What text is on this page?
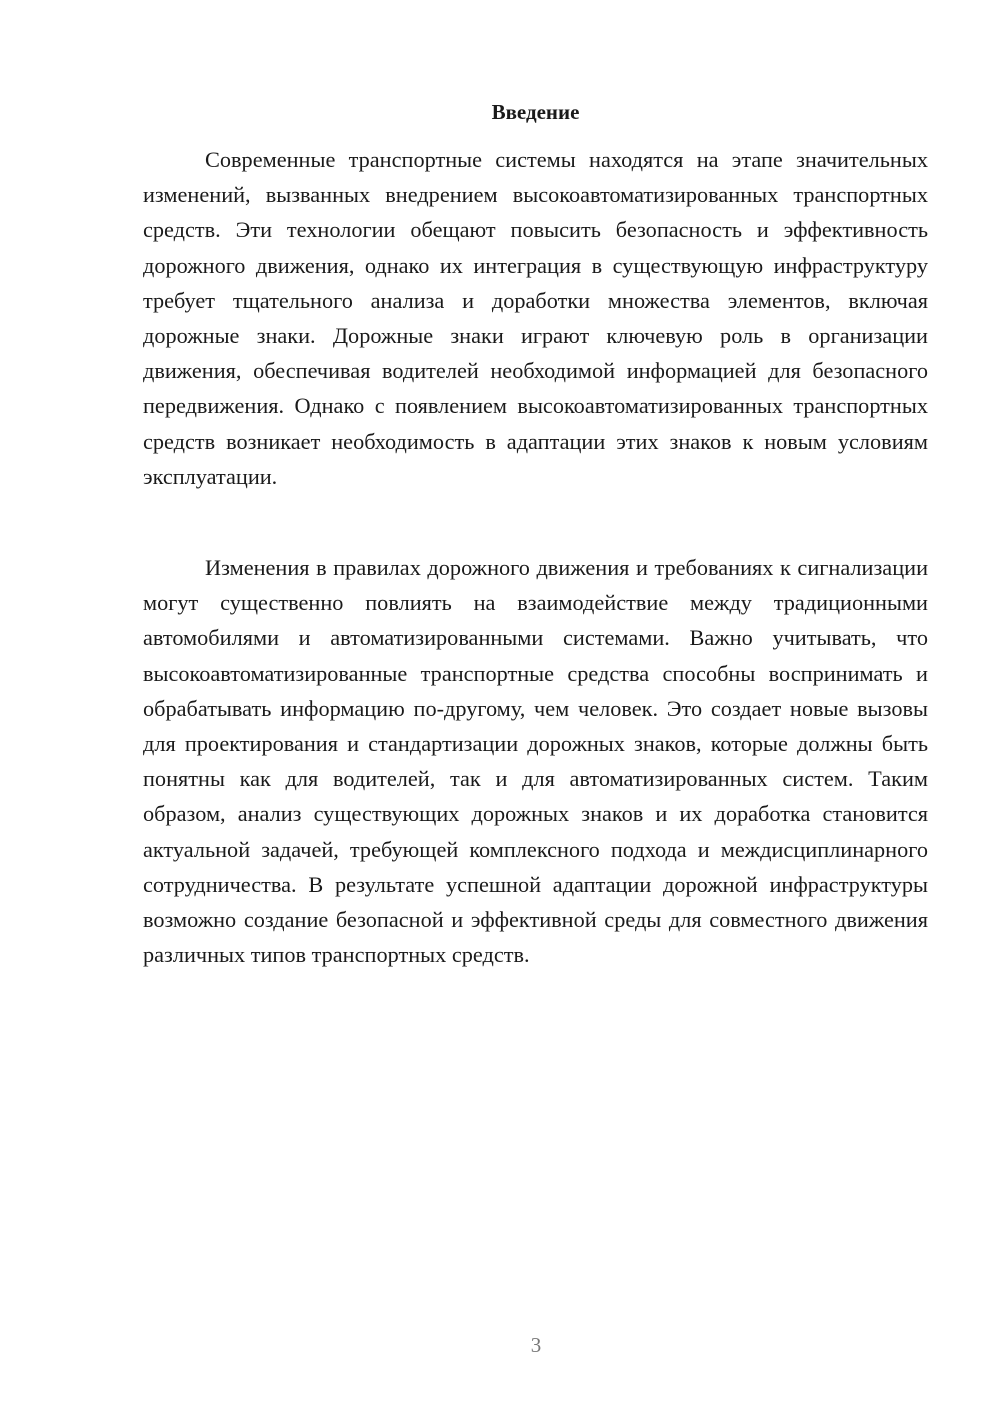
Введение

Современные транспортные системы находятся на этапе значительных изменений, вызванных внедрением высокоавтоматизированных транспортных средств. Эти технологии обещают повысить безопасность и эффективность дорожного движения, однако их интеграция в существующую инфраструктуру требует тщательного анализа и доработки множества элементов, включая дорожные знаки. Дорожные знаки играют ключевую роль в организации движения, обеспечивая водителей необходимой информацией для безопасного передвижения. Однако с появлением высокоавтоматизированных транспортных средств возникает необходимость в адаптации этих знаков к новым условиям эксплуатации.

Изменения в правилах дорожного движения и требованиях к сигнализации могут существенно повлиять на взаимодействие между традиционными автомобилями и автоматизированными системами. Важно учитывать, что высокоавтоматизированные транспортные средства способны воспринимать и обрабатывать информацию по-другому, чем человек. Это создает новые вызовы для проектирования и стандартизации дорожных знаков, которые должны быть понятны как для водителей, так и для автоматизированных систем. Таким образом, анализ существующих дорожных знаков и их доработка становится актуальной задачей, требующей комплексного подхода и междисциплинарного сотрудничества. В результате успешной адаптации дорожной инфраструктуры возможно создание безопасной и эффективной среды для совместного движения различных типов транспортных средств.

3
